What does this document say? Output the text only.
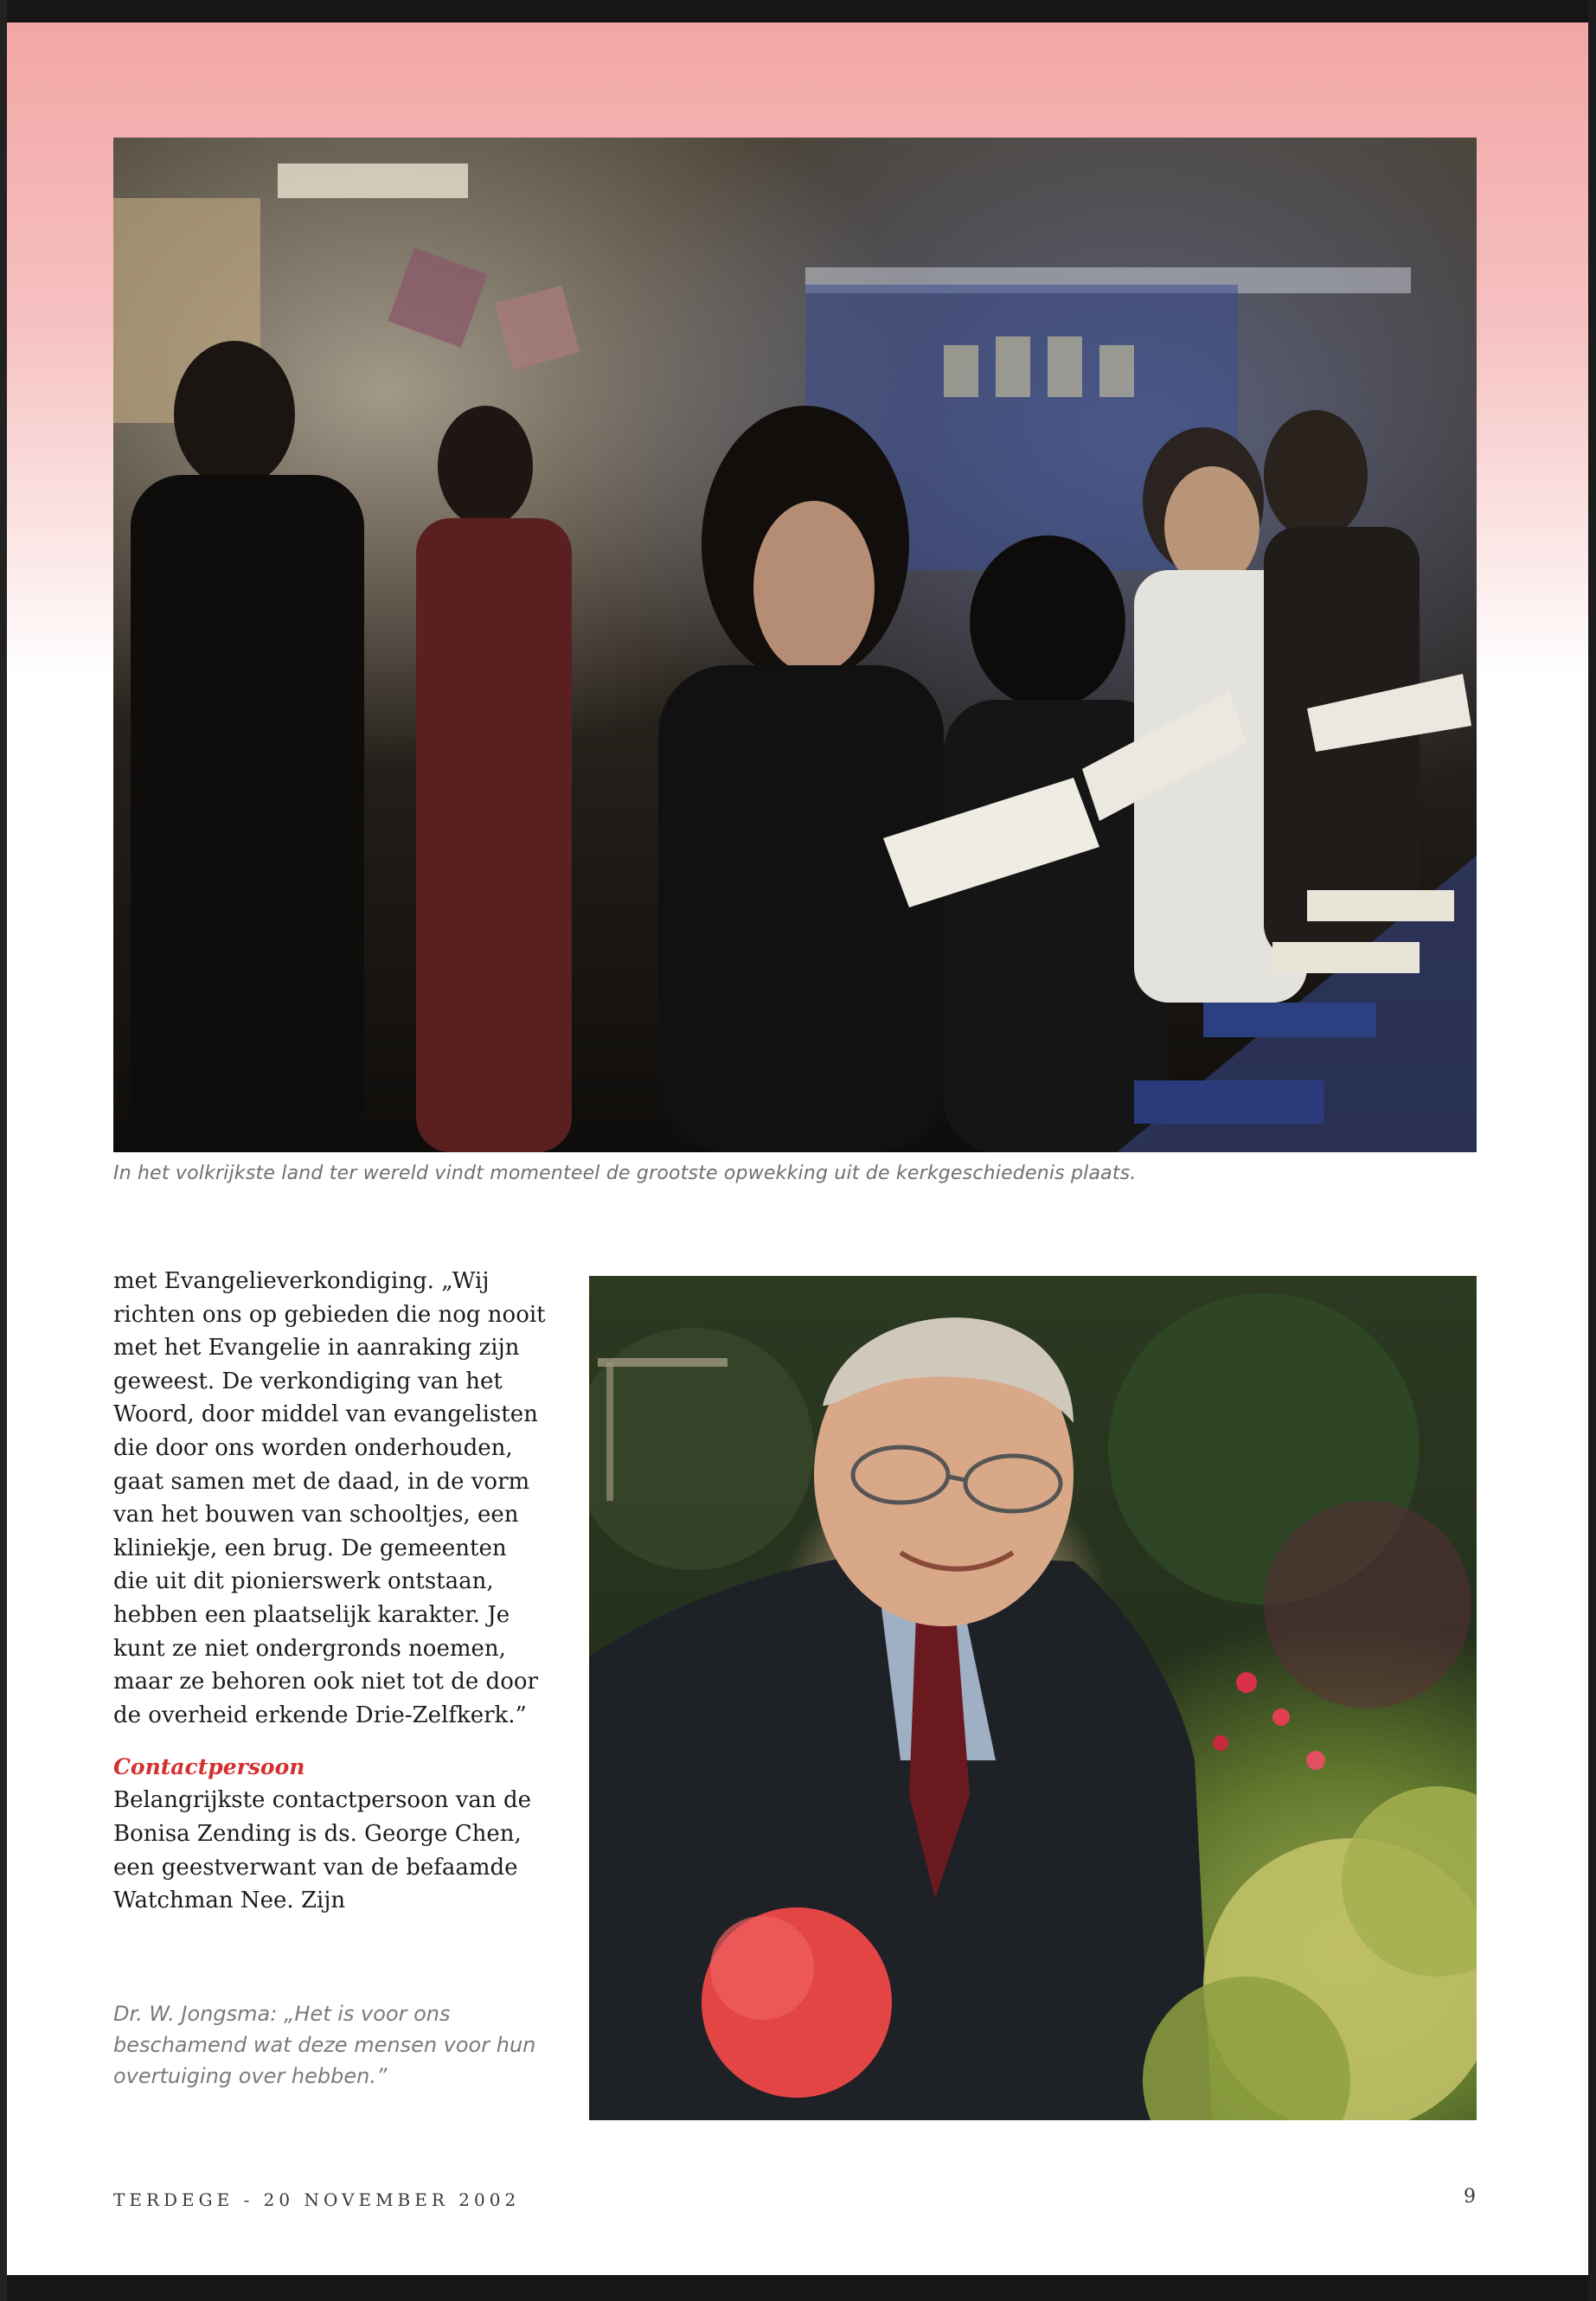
In het volkrijkste land ter wereld vindt momenteel de grootste opwekking uit de kerkgeschiedenis plaats.

met Evangelieverkondiging. „Wij richten ons op gebieden die nog nooit met het Evangelie in aanraking zijn geweest. De verkondiging van het Woord, door middel van evangelisten die door ons worden onderhouden, gaat samen met de daad, in de vorm van het bouwen van schooltjes, een kliniekje, een brug. De gemeenten die uit dit pionierswerk ontstaan, hebben een plaatselijk karakter. Je kunt ze niet ondergronds noemen, maar ze behoren ook niet tot de door de overheid erkende Drie-Zelfkerk.”

Contactpersoon

Belangrijkste contactpersoon van de Bonisa Zending is ds. George Chen, een geestverwant van de befaamde Watchman Nee. Zijn

Dr. W. Jongsma: „Het is voor ons beschamend wat deze mensen voor hun overtuiging over hebben.”

TERDEGE - 20 NOVEMBER 2002	9
